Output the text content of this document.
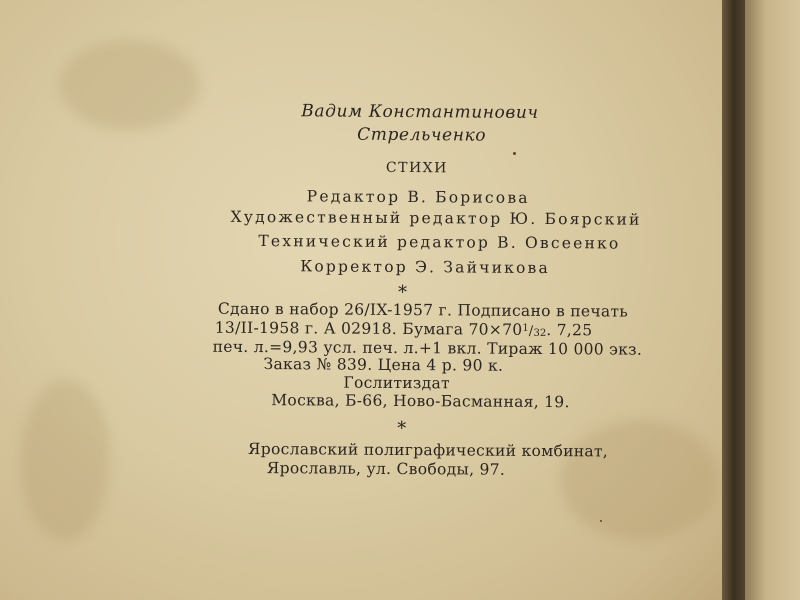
Вадим Константинович
Стрельченко
СТИХИ
Редактор В. Борисова
Художественный редактор Ю. Боярский
Технический редактор В. Овсеенко
Корректор Э. Зайчикова
*
Сдано в набор 26/IX-1957 г. Подписано в печать
13/II-1958 г. А 02918. Бумага $70\times 70^1/32$. 7,25
печ. л.=9,93 усл. печ. л.+1 вкл. Тираж 10 000 экз.
Заказ № 839. Цена 4 р. 90 к.
Гослитиздат
Москва, Б-66, Ново-Басманная, 19.
*
Ярославский полиграфический комбинат,
Ярославль, ул. Свободы, 97.
